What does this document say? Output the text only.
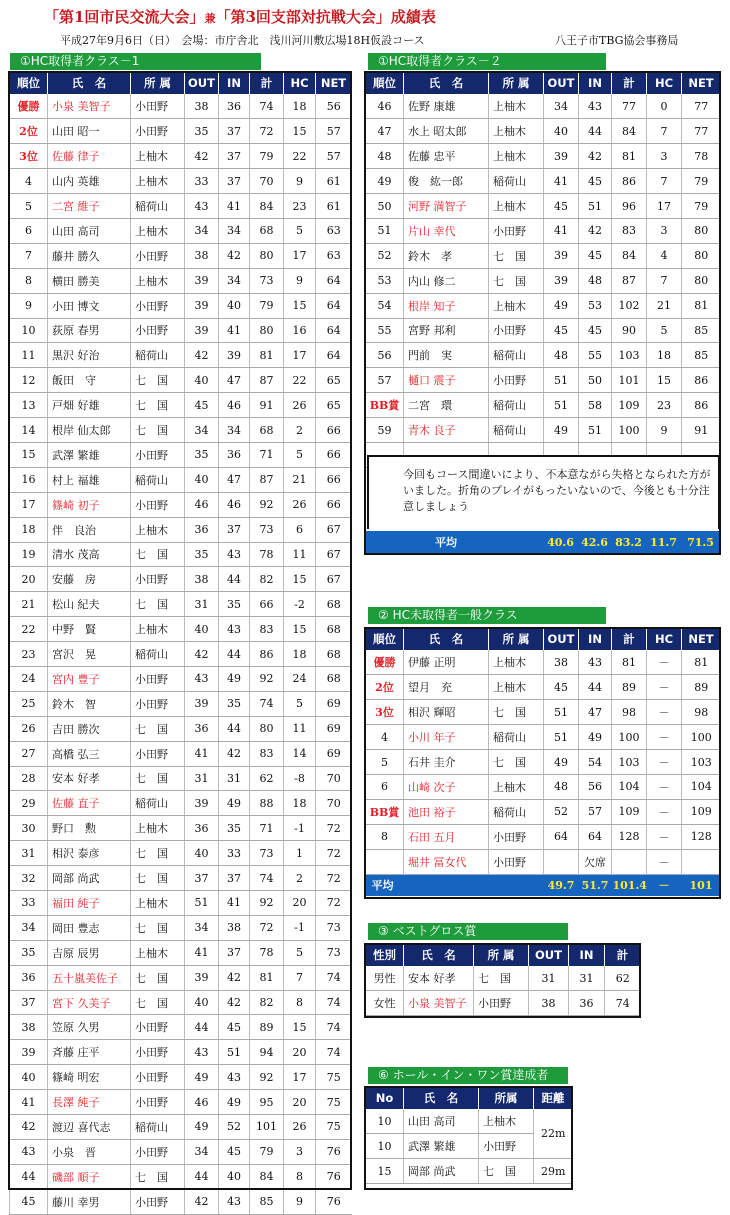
「第1回市民交流大会」兼「第3回支部対抗戦大会」成績表
平成27年9月6日（日）　会場：市庁舎北　浅川河川敷広場18H仮設コース	八王子市TBG協会事務局
①HC取得者クラス－1	①HC取得者クラス－２
② HC未取得者一般クラス
③ ベストグロス賞
⑥ ホール・イン・ワン賞達成者
順位	氏　名	所 属	OUT	IN	計	HC	NET
優勝	小泉 美智子	小田野	38	36	74	18	56
2位	山田 昭一	小田野	35	37	72	15	57
3位	佐藤 律子	上柚木	42	37	79	22	57
4	山内 英雄	上柚木	33	37	70	9	61
5	二宮 維子	稲荷山	43	41	84	23	61
6	山田 高司	上柚木	34	34	68	5	63
7	藤井 勝久	小田野	38	42	80	17	63
8	横田 勝美	上柚木	39	34	73	9	64
9	小田 博文	小田野	39	40	79	15	64
10	荻原 春男	小田野	39	41	80	16	64
11	黒沢 好治	稲荷山	42	39	81	17	64
12	飯田　守	七　国	40	47	87	22	65
13	戸畑 好雄	七　国	45	46	91	26	65
14	根岸 仙太郎	七　国	34	34	68	2	66
15	武澤 繁雄	小田野	35	36	71	5	66
16	村上 福雄	稲荷山	40	47	87	21	66
17	篠崎 初子	小田野	46	46	92	26	66
18	伴　良治	上柚木	36	37	73	6	67
19	清水 茂高	七　国	35	43	78	11	67
20	安藤　房	小田野	38	44	82	15	67
21	松山 紀夫	七　国	31	35	66	-2	68
22	中野　賢	上柚木	40	43	83	15	68
23	宮沢　晃	稲荷山	42	44	86	18	68
24	宮内 豊子	小田野	43	49	92	24	68
25	鈴木　智	小田野	39	35	74	5	69
26	吉田 勝次	七　国	36	44	80	11	69
27	高橋 弘三	小田野	41	42	83	14	69
28	安本 好孝	七　国	31	31	62	-8	70
29	佐藤 直子	稲荷山	39	49	88	18	70
30	野口　勲	上柚木	36	35	71	-1	72
31	相沢 泰彦	七　国	40	33	73	1	72
32	岡部 尚武	七　国	37	37	74	2	72
33	福田 純子	上柚木	51	41	92	20	72
34	岡田 豊志	七　国	34	38	72	-1	73
35	吉原 辰男	上柚木	41	37	78	5	73
36	五十嵐美佐子	七　国	39	42	81	7	74
37	宮下 久美子	七　国	40	42	82	8	74
38	笠原 久男	小田野	44	45	89	15	74
39	斉藤 庄平	小田野	43	51	94	20	74
40	篠崎 明宏	小田野	49	43	92	17	75
41	長澤 純子	小田野	46	49	95	20	75
42	渡辺 喜代志	稲荷山	49	52	101	26	75
43	小泉　晋	小田野	34	45	79	3	76
44	磯部 順子	七　国	44	40	84	8	76
45	藤川 幸男	小田野	42	43	85	9	76
順位	氏　名	所 属	OUT	IN	計	HC	NET
46	佐野 康雄	上柚木	34	43	77	0	77
47	水上 昭太郎	上柚木	40	44	84	7	77
48	佐藤 忠平	上柚木	39	42	81	3	78
49	俊　紘一郎	稲荷山	41	45	86	7	79
50	河野 満智子	上柚木	45	51	96	17	79
51	片山 幸代	小田野	41	42	83	3	80
52	鈴木　孝	七　国	39	45	84	4	80
53	内山 修二	七　国	39	48	87	7	80
54	根岸 知子	上柚木	49	53	102	21	81
55	宮野 邦利	小田野	45	45	90	5	85
56	門前　実	稲荷山	48	55	103	18	85
57	樋口 震子	小田野	51	50	101	15	86
BB賞	二宮　環	稲荷山	51	58	109	23	86
59	青木 良子	稲荷山	49	51	100	9	91

今回もコース間違いにより、不本意ながら失格となられた方がいました。折角のプレイがもったいないので、今後とも十分注意しましょう

平均	40.6	42.6	83.2	11.7	71.5
順位	氏　名	所 属	OUT	IN	計	HC	NET
優勝	伊藤 正明	上柚木	38	43	81	－	81
2位	望月　充	上柚木	45	44	89	－	89
3位	相沢 輝昭	七　国	51	47	98	－	98
4	小川 年子	稲荷山	51	49	100	－	100
5	石井 圭介	七　国	49	54	103	－	103
6	山崎 次子	上柚木	48	56	104	－	104
BB賞	池田 裕子	稲荷山	52	57	109	－	109
8	石田 五月	小田野	64	64	128	－	128
	堀井 冨女代	小田野		欠席		－	
平均			49.7	51.7	101.4	－	101
性別	氏　名	所 属	OUT	IN	計
男性	安本 好孝	七　国	31	31	62
女性	小泉 美智子	小田野	38	36	74
No	氏　名	所属	距離
10	山田 高司	上柚木	22m
10	武澤 繁雄	小田野	
15	岡部 尚武	七　国	29m
